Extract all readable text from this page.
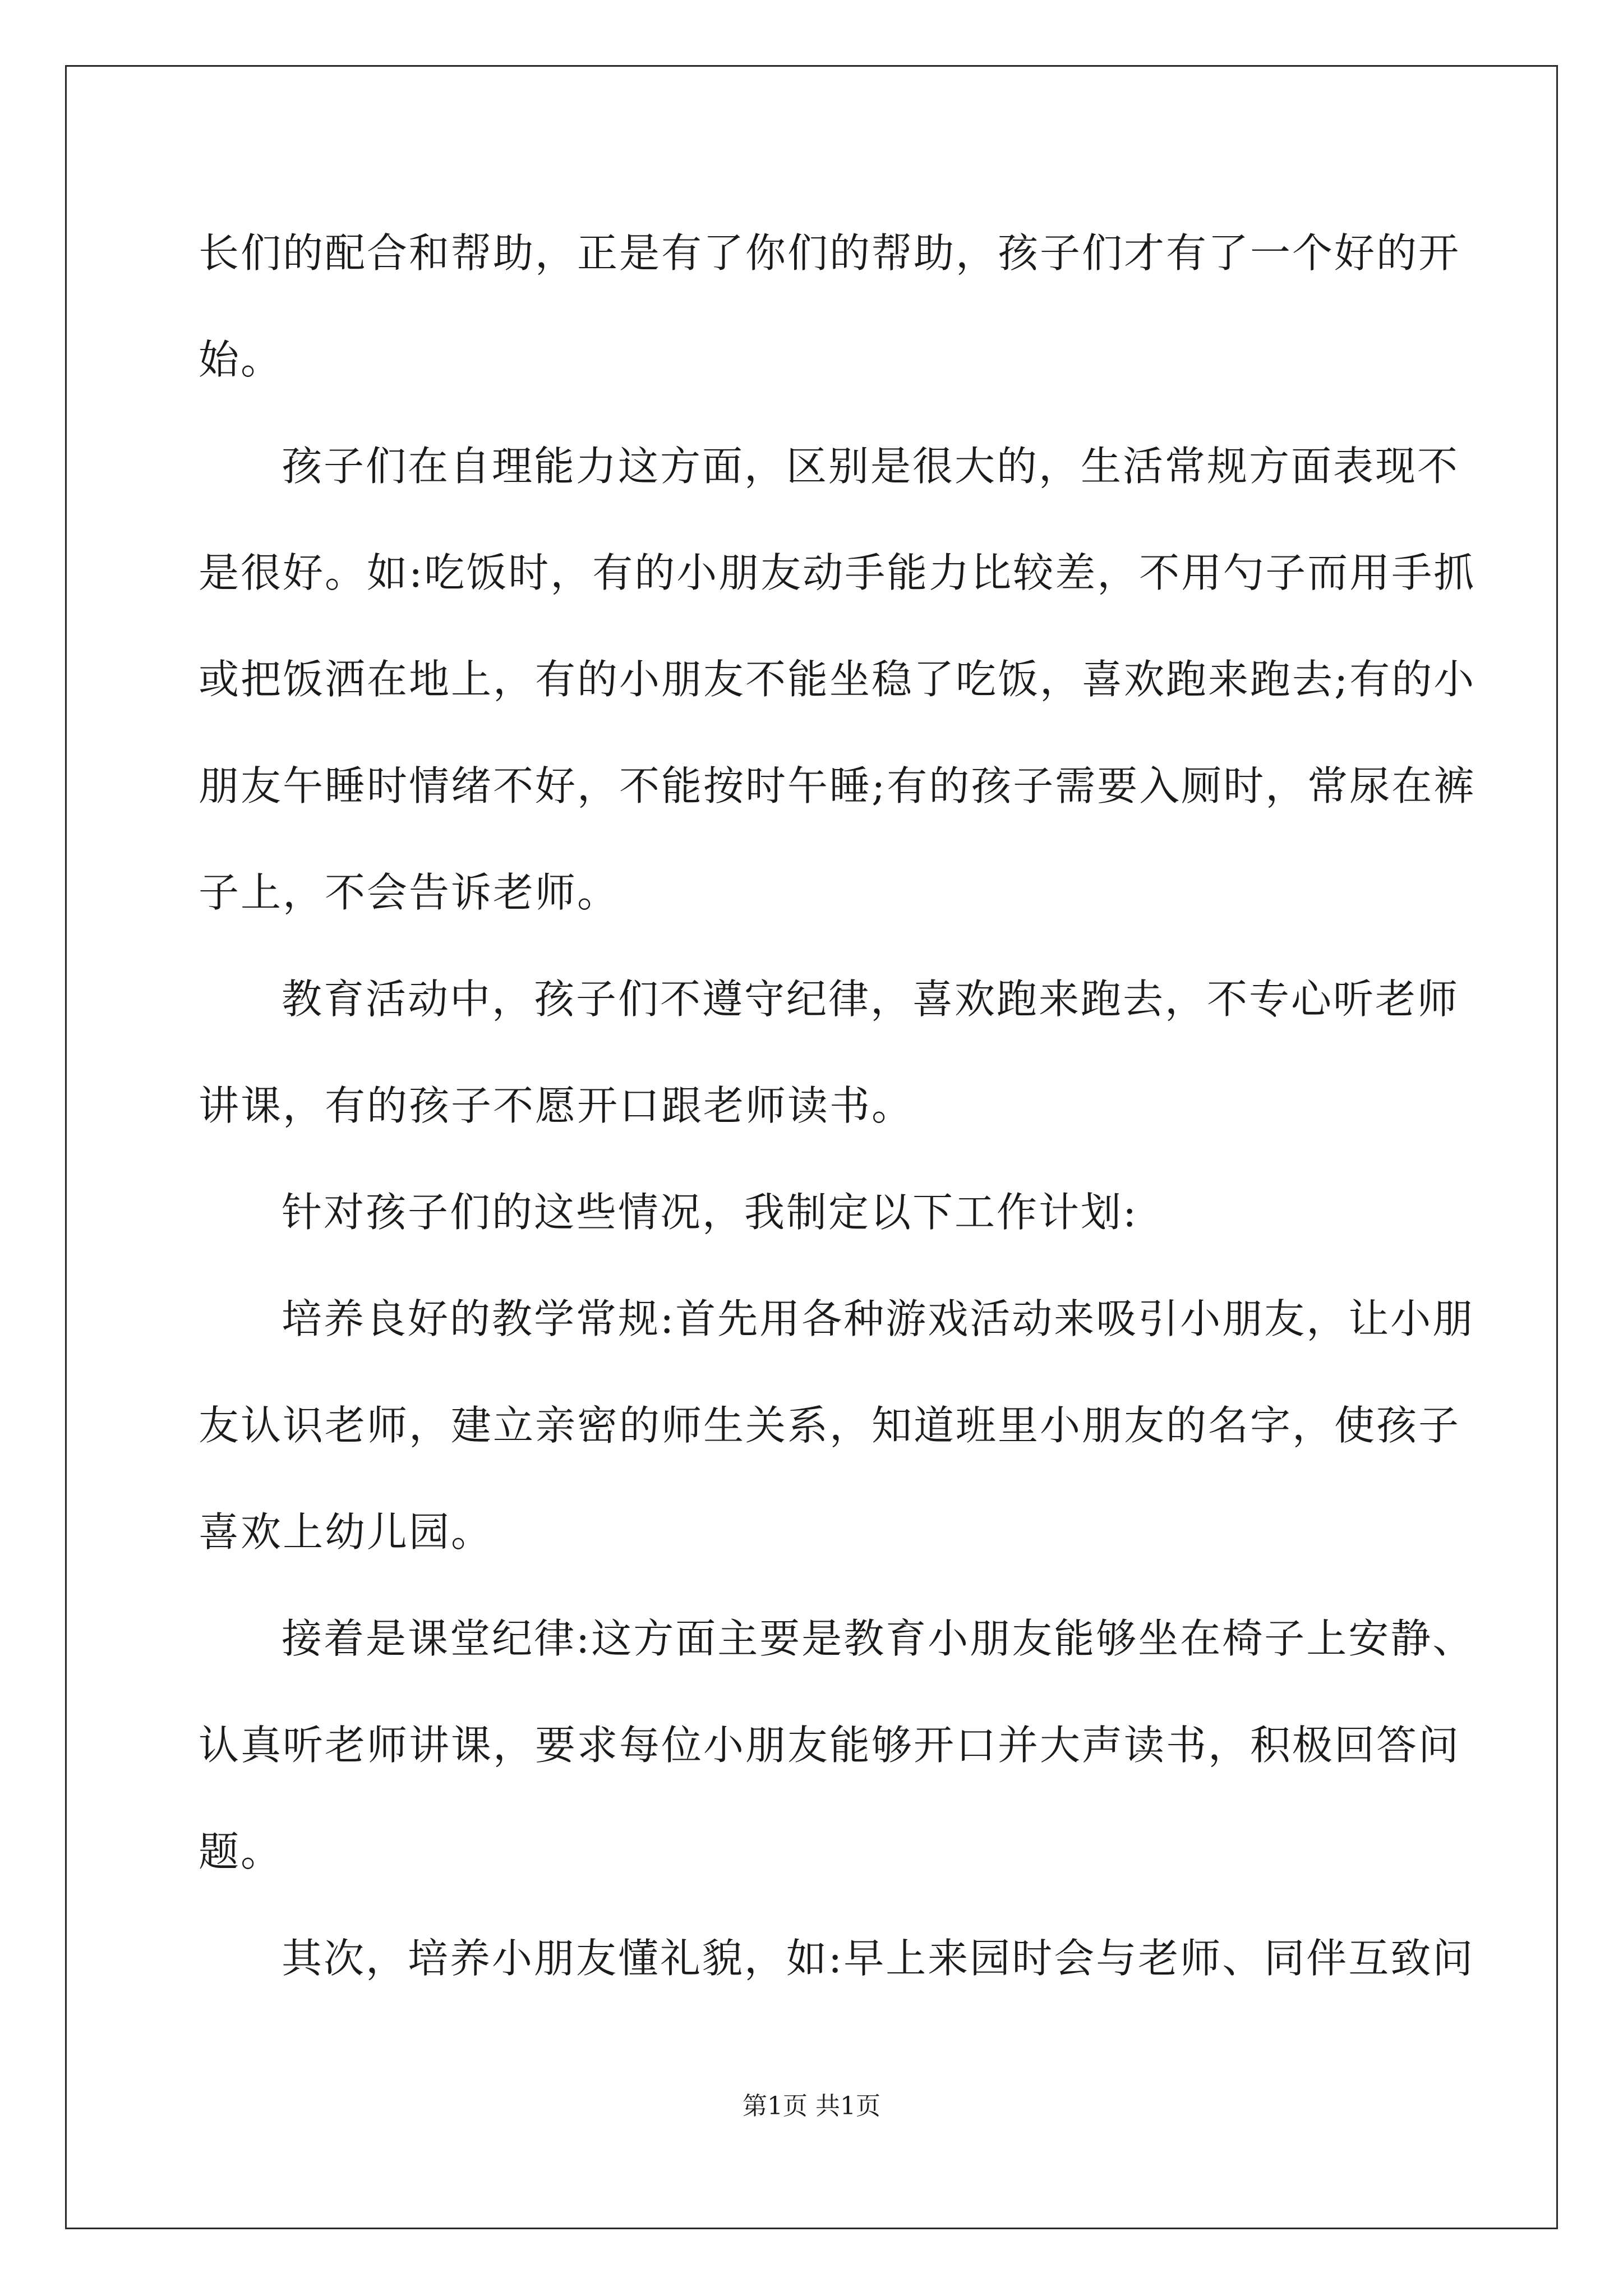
长们的配合和帮助，正是有了你们的帮助，孩子们才有了一个好的开
始。
孩子们在自理能力这方面，区别是很大的，生活常规方面表现不
是很好。如:吃饭时，有的小朋友动手能力比较差，不用勺子而用手抓
或把饭洒在地上，有的小朋友不能坐稳了吃饭，喜欢跑来跑去;有的小
朋友午睡时情绪不好，不能按时午睡;有的孩子需要入厕时，常尿在裤
子上，不会告诉老师。
教育活动中，孩子们不遵守纪律，喜欢跑来跑去，不专心听老师
讲课，有的孩子不愿开口跟老师读书。
针对孩子们的这些情况，我制定以下工作计划:
培养良好的教学常规:首先用各种游戏活动来吸引小朋友，让小朋
友认识老师，建立亲密的师生关系，知道班里小朋友的名字，使孩子
喜欢上幼儿园。
接着是课堂纪律:这方面主要是教育小朋友能够坐在椅子上安静、
认真听老师讲课，要求每位小朋友能够开口并大声读书，积极回答问
题。
其次，培养小朋友懂礼貌，如:早上来园时会与老师、同伴互致问
第1页 共1页
